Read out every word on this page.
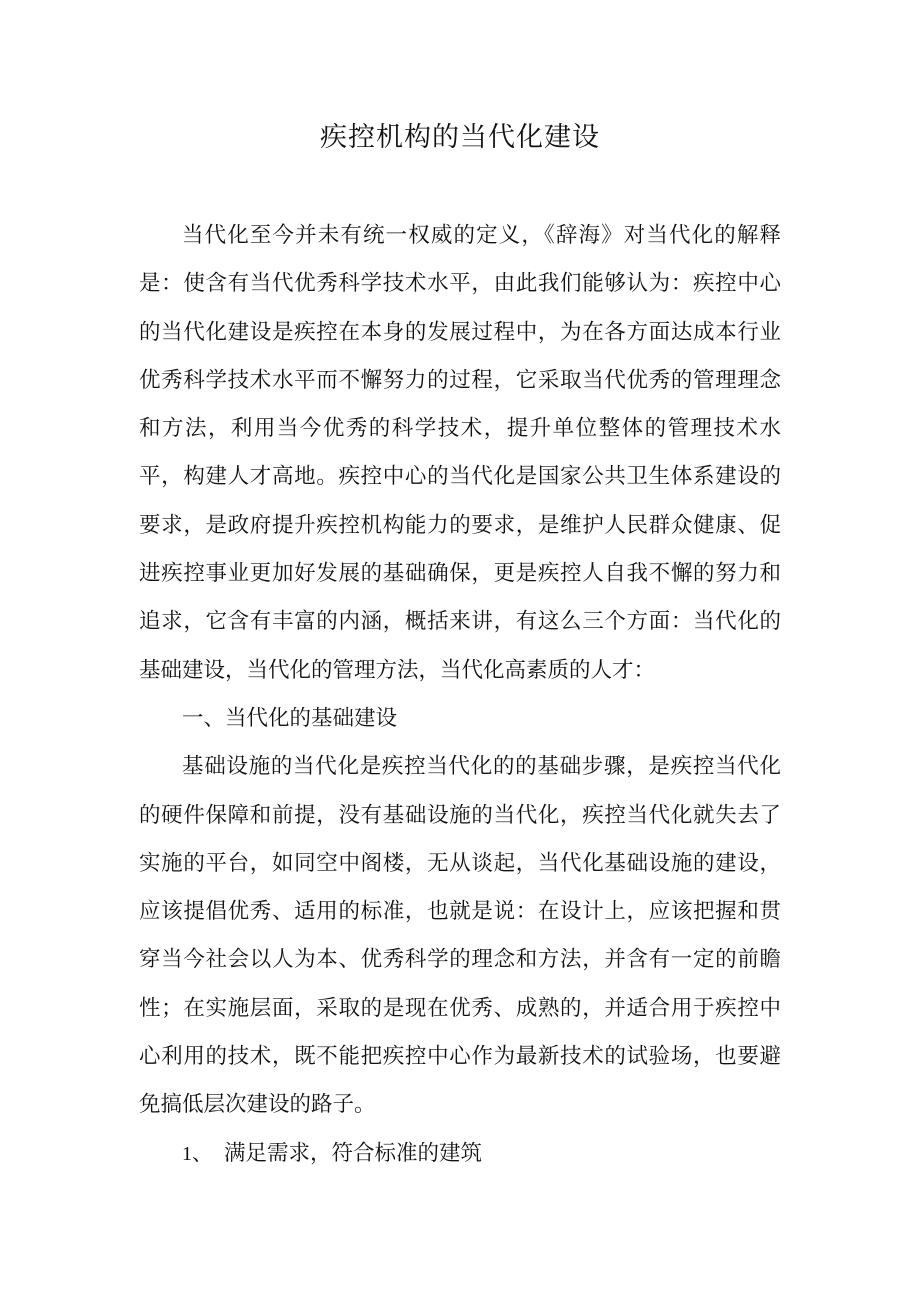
疾控机构的当代化建设

当代化至今并未有统一权威的定义，《辞海》对当代化的解释是：使含有当代优秀科学技术水平，由此我们能够认为：疾控中心的当代化建设是疾控在本身的发展过程中，为在各方面达成本行业优秀科学技术水平而不懈努力的过程，它采取当代优秀的管理理念和方法，利用当今优秀的科学技术，提升单位整体的管理技术水平，构建人才高地。疾控中心的当代化是国家公共卫生体系建设的要求，是政府提升疾控机构能力的要求，是维护人民群众健康、促进疾控事业更加好发展的基础确保，更是疾控人自我不懈的努力和追求，它含有丰富的内涵，概括来讲，有这么三个方面：当代化的基础建设，当代化的管理方法，当代化高素质的人才：

一、当代化的基础建设

基础设施的当代化是疾控当代化的的基础步骤，是疾控当代化的硬件保障和前提，没有基础设施的当代化，疾控当代化就失去了实施的平台，如同空中阁楼，无从谈起，当代化基础设施的建设，应该提倡优秀、适用的标准，也就是说：在设计上，应该把握和贯穿当今社会以人为本、优秀科学的理念和方法，并含有一定的前瞻性；在实施层面，采取的是现在优秀、成熟的，并适合用于疾控中心利用的技术，既不能把疾控中心作为最新技术的试验场，也要避免搞低层次建设的路子。

1、 满足需求，符合标准的建筑
